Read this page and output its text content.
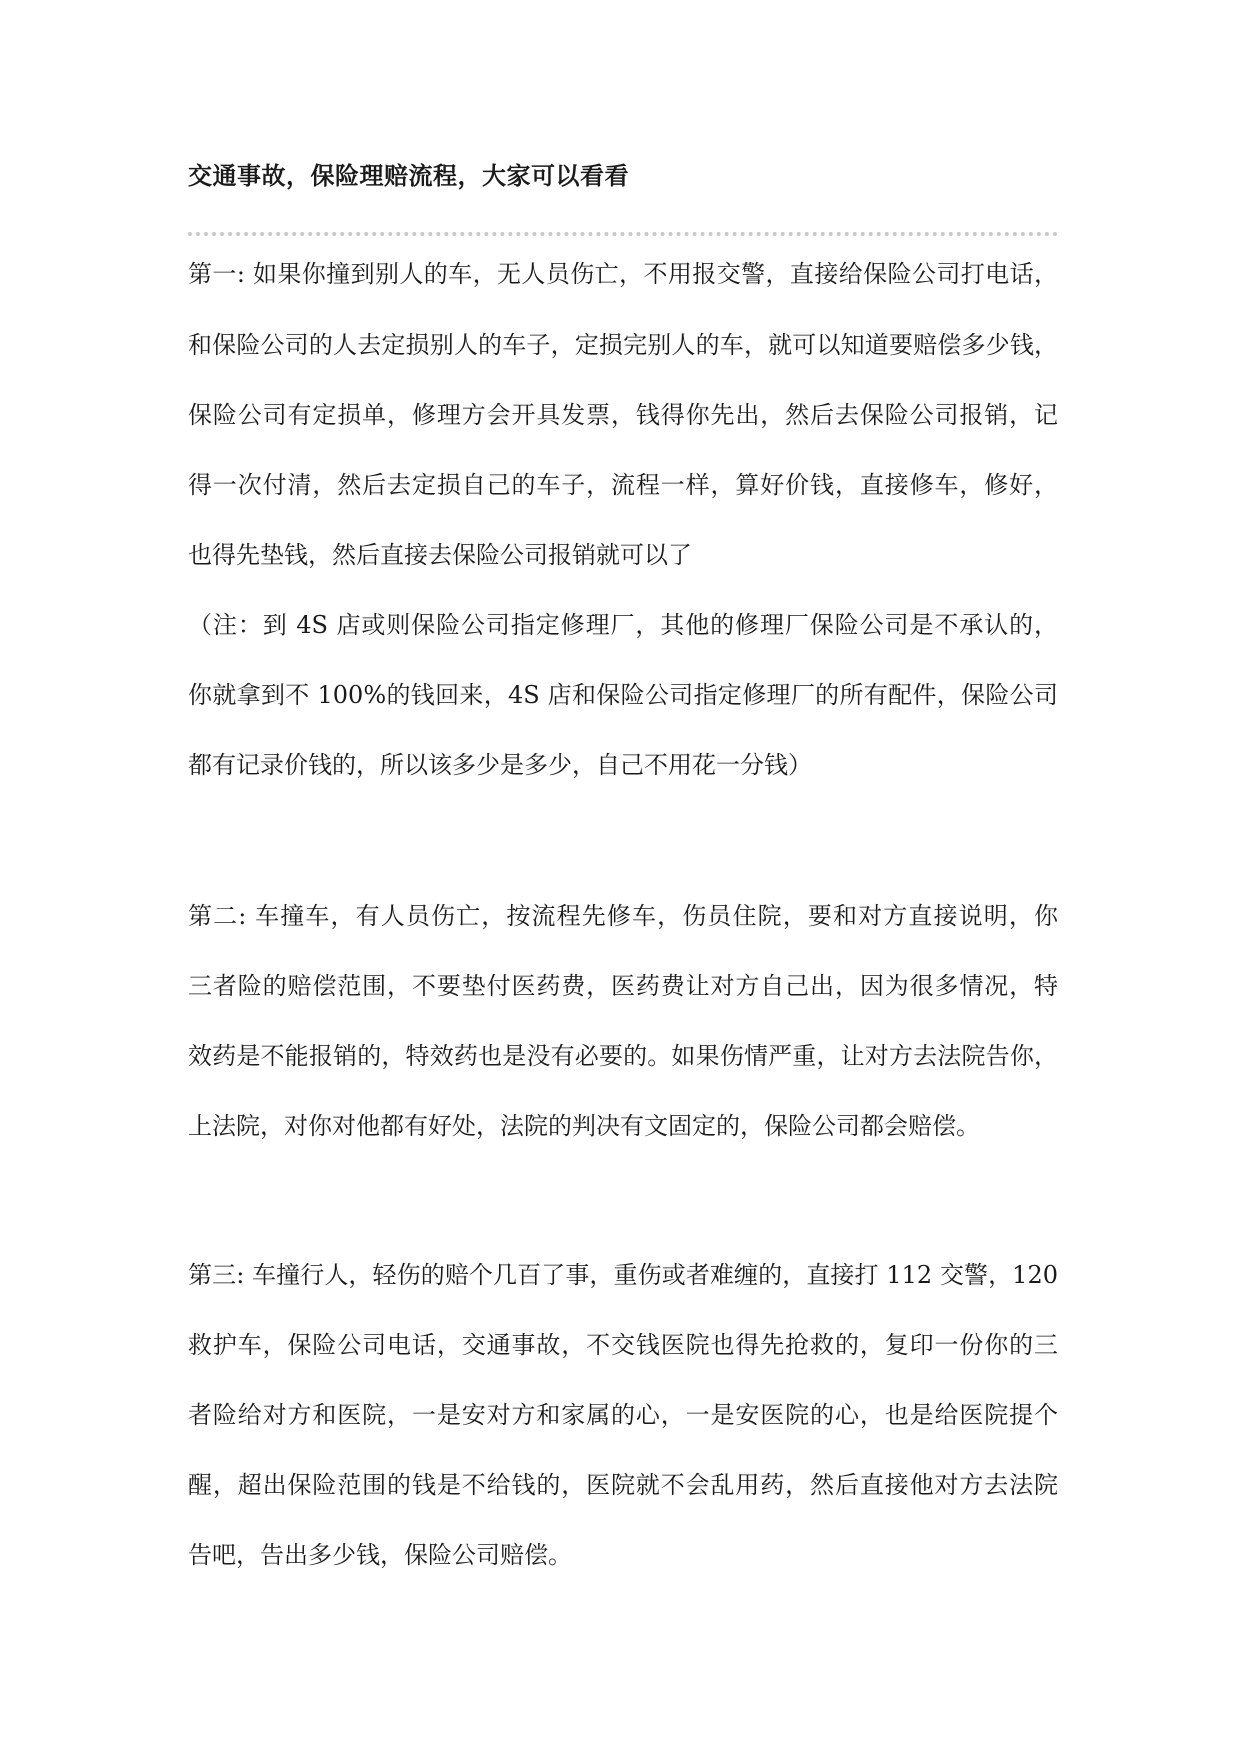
交通事故，保险理赔流程，大家可以看看
第一: 如果你撞到别人的车，无人员伤亡，不用报交警，直接给保险公司打电话，
和保险公司的人去定损别人的车子，定损完别人的车，就可以知道要赔偿多少钱，
保险公司有定损单，修理方会开具发票，钱得你先出，然后去保险公司报销，记
得一次付清，然后去定损自己的车子，流程一样，算好价钱，直接修车，修好，
也得先垫钱，然后直接去保险公司报销就可以了
（注：到 4S 店或则保险公司指定修理厂，其他的修理厂保险公司是不承认的，
你就拿到不 100%的钱回来，4S 店和保险公司指定修理厂的所有配件，保险公司
都有记录价钱的，所以该多少是多少，自己不用花一分钱）
第二: 车撞车，有人员伤亡，按流程先修车，伤员住院，要和对方直接说明，你
三者险的赔偿范围，不要垫付医药费，医药费让对方自己出，因为很多情况，特
效药是不能报销的，特效药也是没有必要的。如果伤情严重，让对方去法院告你，
上法院，对你对他都有好处，法院的判决有文固定的，保险公司都会赔偿。
第三: 车撞行人，轻伤的赔个几百了事，重伤或者难缠的，直接打 112 交警，120
救护车，保险公司电话，交通事故，不交钱医院也得先抢救的，复印一份你的三
者险给对方和医院，一是安对方和家属的心，一是安医院的心，也是给医院提个
醒，超出保险范围的钱是不给钱的，医院就不会乱用药，然后直接他对方去法院
告吧，告出多少钱，保险公司赔偿。
